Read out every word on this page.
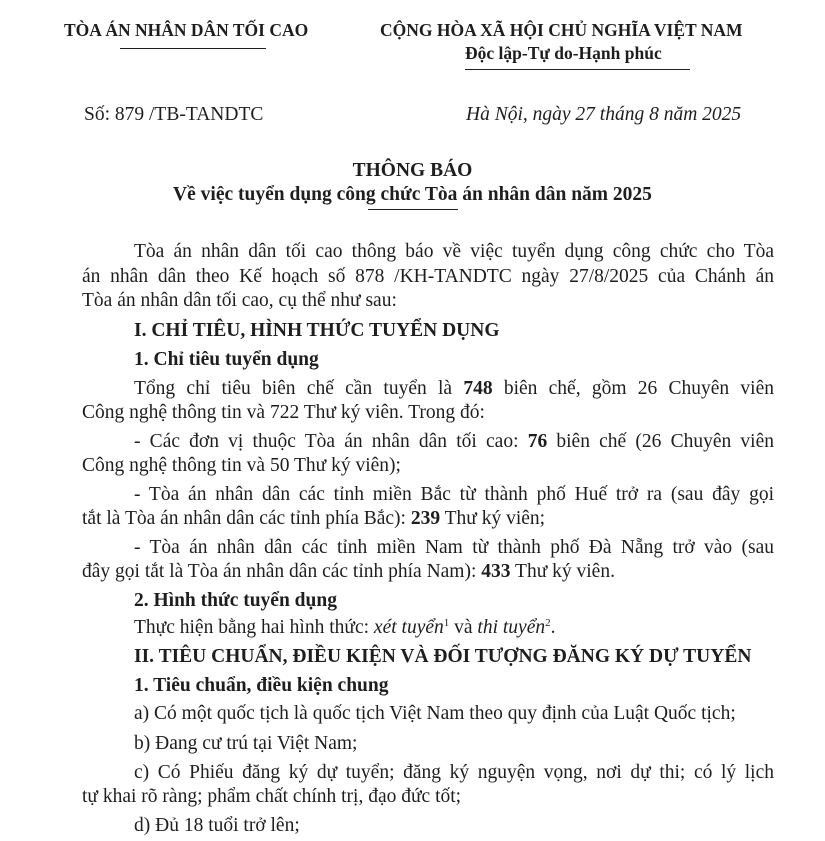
TÒA ÁN NHÂN DÂN TỐI CAO	CỘNG HÒA XÃ HỘI CHỦ NGHĨA VIỆT NAM
Độc lập-Tự do-Hạnh phúc
Số: 879 /TB-TANDTC	Hà Nội, ngày 27 tháng 8 năm 2025
THÔNG BÁO
Về việc tuyển dụng công chức Tòa án nhân dân năm 2025
Tòa án nhân dân tối cao thông báo về việc tuyển dụng công chức cho Tòa
án nhân dân theo Kế hoạch số 878 /KH-TANDTC ngày 27/8/2025 của Chánh án
Tòa án nhân dân tối cao, cụ thể như sau:
I. CHỈ TIÊU, HÌNH THỨC TUYỂN DỤNG
1. Chỉ tiêu tuyển dụng
Tổng chỉ tiêu biên chế cần tuyển là 748 biên chế, gồm 26 Chuyên viên
Công nghệ thông tin và 722 Thư ký viên. Trong đó:
- Các đơn vị thuộc Tòa án nhân dân tối cao: 76 biên chế (26 Chuyên viên
Công nghệ thông tin và 50 Thư ký viên);
- Tòa án nhân dân các tỉnh miền Bắc từ thành phố Huế trở ra (sau đây gọi
tắt là Tòa án nhân dân các tỉnh phía Bắc): 239 Thư ký viên;
- Tòa án nhân dân các tỉnh miền Nam từ thành phố Đà Nẵng trở vào (sau
đây gọi tắt là Tòa án nhân dân các tỉnh phía Nam): 433 Thư ký viên.
2. Hình thức tuyển dụng
Thực hiện bằng hai hình thức: xét tuyển$^1$ và thi tuyển$^2$.
II. TIÊU CHUẨN, ĐIỀU KIỆN VÀ ĐỐI TƯỢNG ĐĂNG KÝ DỰ TUYỂN
1. Tiêu chuẩn, điều kiện chung
a) Có một quốc tịch là quốc tịch Việt Nam theo quy định của Luật Quốc tịch;
b) Đang cư trú tại Việt Nam;
c) Có Phiếu đăng ký dự tuyển; đăng ký nguyện vọng, nơi dự thi; có lý lịch
tự khai rõ ràng; phẩm chất chính trị, đạo đức tốt;
d) Đủ 18 tuổi trở lên;
